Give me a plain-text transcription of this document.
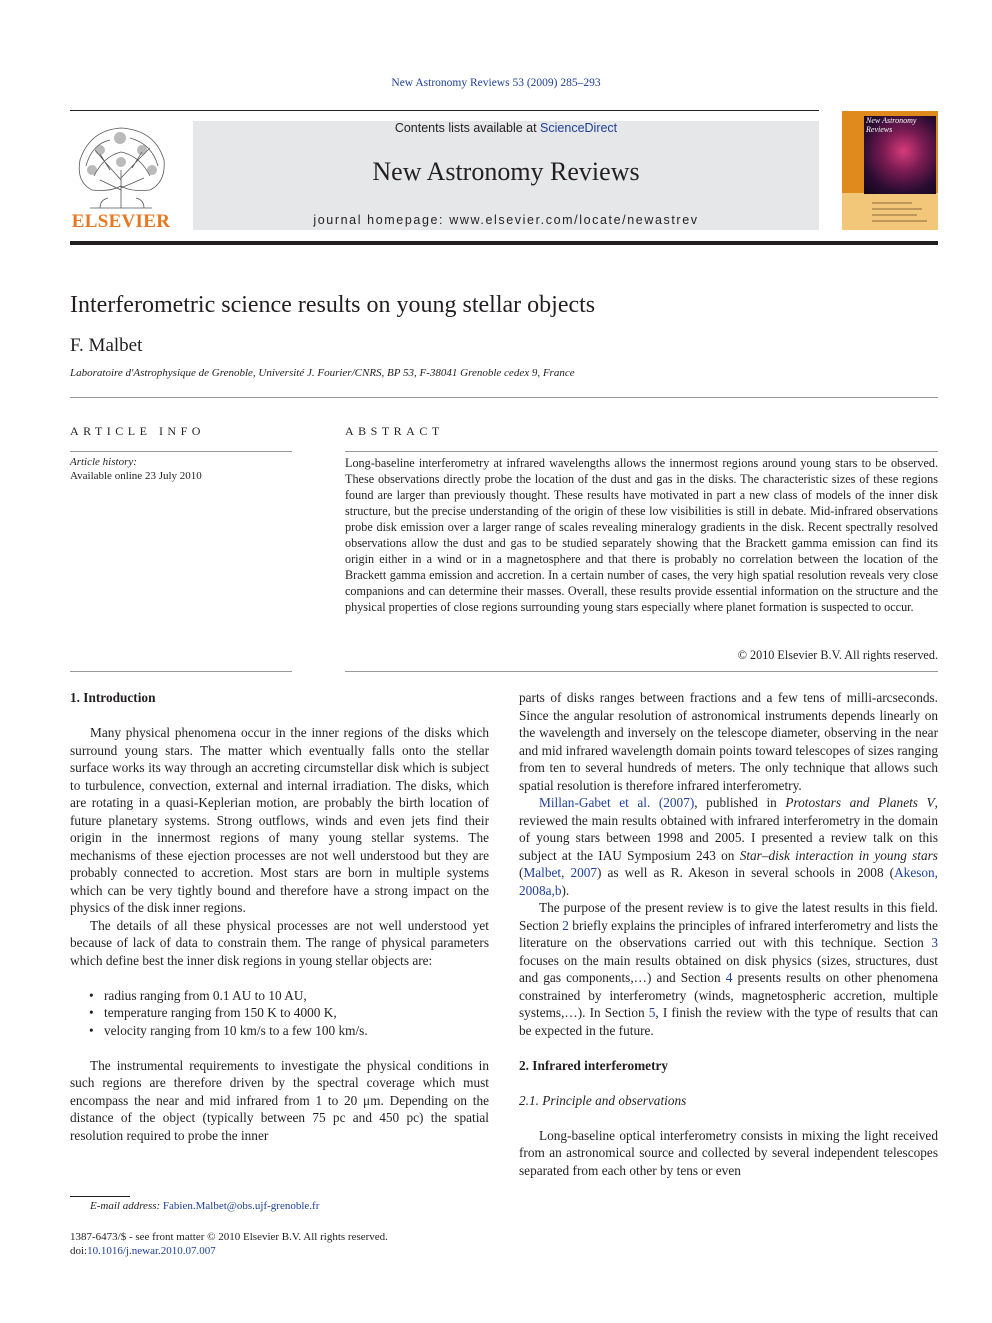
New Astronomy Reviews 53 (2009) 285–293
ELSEVIER
Contents lists available at ScienceDirect
New Astronomy Reviews
journal homepage: www.elsevier.com/locate/newastrev
New Astronomy Reviews
Interferometric science results on young stellar objects
F. Malbet
Laboratoire d'Astrophysique de Grenoble, Université J. Fourier/CNRS, BP 53, F-38041 Grenoble cedex 9, France
ARTICLE INFO
Article history:
Available online 23 July 2010
ABSTRACT
Long-baseline interferometry at infrared wavelengths allows the innermost regions around young stars to be observed. These observations directly probe the location of the dust and gas in the disks. The characteristic sizes of these regions found are larger than previously thought. These results have motivated in part a new class of models of the inner disk structure, but the precise understanding of the origin of these low visibilities is still in debate. Mid-infrared observations probe disk emission over a larger range of scales revealing mineralogy gradients in the disk. Recent spectrally resolved observations allow the dust and gas to be studied separately showing that the Brackett gamma emission can find its origin either in a wind or in a magnetosphere and that there is probably no correlation between the location of the Brackett gamma emission and accretion. In a certain number of cases, the very high spatial resolution reveals very close companions and can determine their masses. Overall, these results provide essential information on the structure and the physical properties of close regions surrounding young stars especially where planet formation is suspected to occur.
© 2010 Elsevier B.V. All rights reserved.
1. Introduction

Many physical phenomena occur in the inner regions of the disks which surround young stars. The matter which eventually falls onto the stellar surface works its way through an accreting circumstellar disk which is subject to turbulence, convection, external and internal irradiation. The disks, which are rotating in a quasi-Keplerian motion, are probably the birth location of future planetary systems. Strong outflows, winds and even jets find their origin in the innermost regions of many young stellar systems. The mechanisms of these ejection processes are not well understood but they are probably connected to accretion. Most stars are born in multiple systems which can be very tightly bound and therefore have a strong impact on the physics of the disk inner regions.

The details of all these physical processes are not well understood yet because of lack of data to constrain them. The range of physical parameters which define best the inner disk regions in young stellar objects are:

• radius ranging from 0.1 AU to 10 AU,
• temperature ranging from 150 K to 4000 K,
• velocity ranging from 10 km/s to a few 100 km/s.

The instrumental requirements to investigate the physical conditions in such regions are therefore driven by the spectral coverage which must encompass the near and mid infrared from 1 to 20 μm. Depending on the distance of the object (typically between 75 pc and 450 pc) the spatial resolution required to probe the inner

parts of disks ranges between fractions and a few tens of milli-arcseconds. Since the angular resolution of astronomical instruments depends linearly on the wavelength and inversely on the telescope diameter, observing in the near and mid infrared wavelength domain points toward telescopes of sizes ranging from ten to several hundreds of meters. The only technique that allows such spatial resolution is therefore infrared interferometry.

Millan-Gabet et al. (2007), published in Protostars and Planets V, reviewed the main results obtained with infrared interferometry in the domain of young stars between 1998 and 2005. I presented a review talk on this subject at the IAU Symposium 243 on Star–disk interaction in young stars (Malbet, 2007) as well as R. Akeson in several schools in 2008 (Akeson, 2008a,b).

The purpose of the present review is to give the latest results in this field. Section 2 briefly explains the principles of infrared interferometry and lists the literature on the observations carried out with this technique. Section 3 focuses on the main results obtained on disk physics (sizes, structures, dust and gas components,…) and Section 4 presents results on other phenomena constrained by interferometry (winds, magnetospheric accretion, multiple systems,…). In Section 5, I finish the review with the type of results that can be expected in the future.

2. Infrared interferometry
2.1. Principle and observations

Long-baseline optical interferometry consists in mixing the light received from an astronomical source and collected by several independent telescopes separated from each other by tens or even

E-mail address: Fabien.Malbet@obs.ujf-grenoble.fr
1387-6473/$ - see front matter © 2010 Elsevier B.V. All rights reserved.
doi:10.1016/j.newar.2010.07.007
